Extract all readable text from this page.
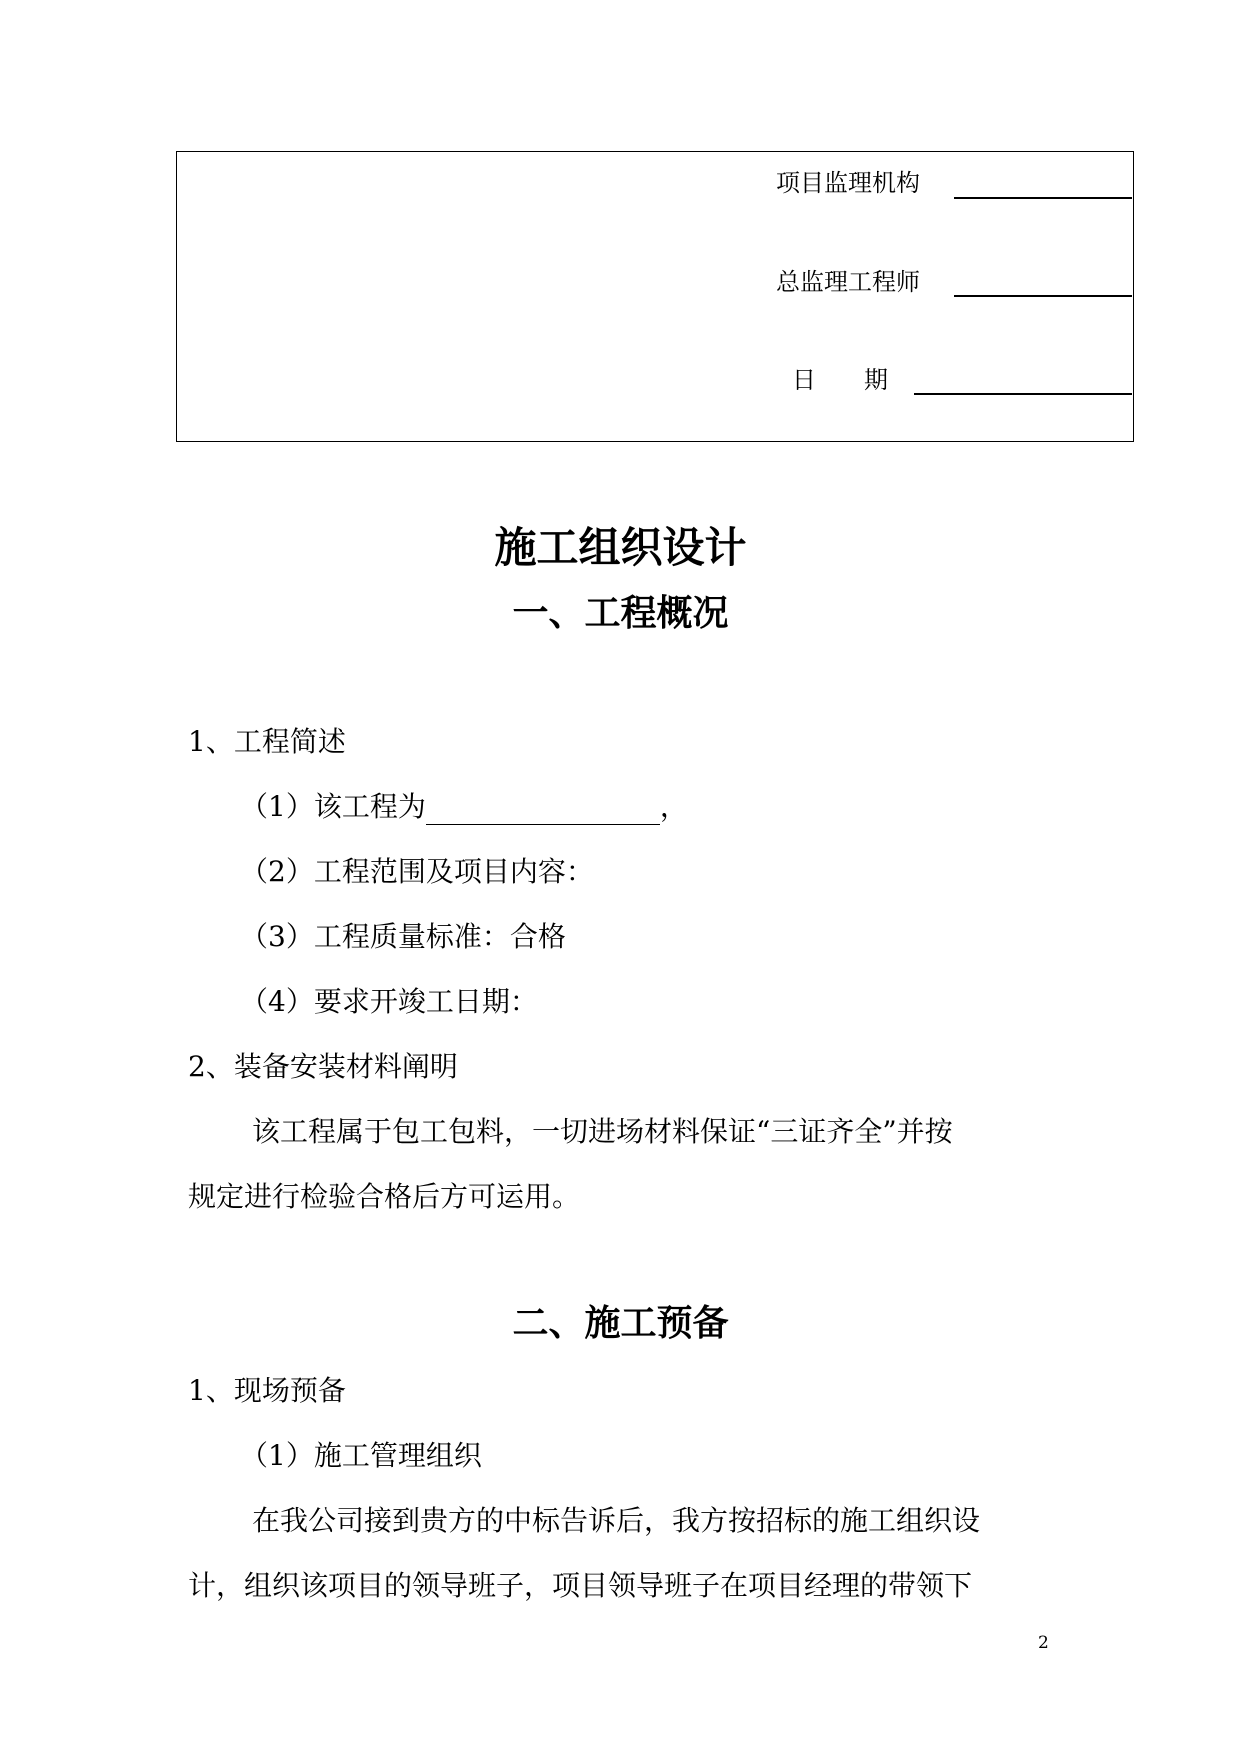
项目监理机构
总监理工程师
日　　期
施工组织设计
一、工程概况
1、工程简述
（1）该工程为	，
（2）工程范围及项目内容：
（3）工程质量标准：合格
（4）要求开竣工日期：
2、装备安装材料阐明
该工程属于包工包料，一切进场材料保证“三证齐全”并按
规定进行检验合格后方可运用。
二、施工预备
1、现场预备
（1）施工管理组织
在我公司接到贵方的中标告诉后，我方按招标的施工组织设
计，组织该项目的领导班子，项目领导班子在项目经理的带领下
2
